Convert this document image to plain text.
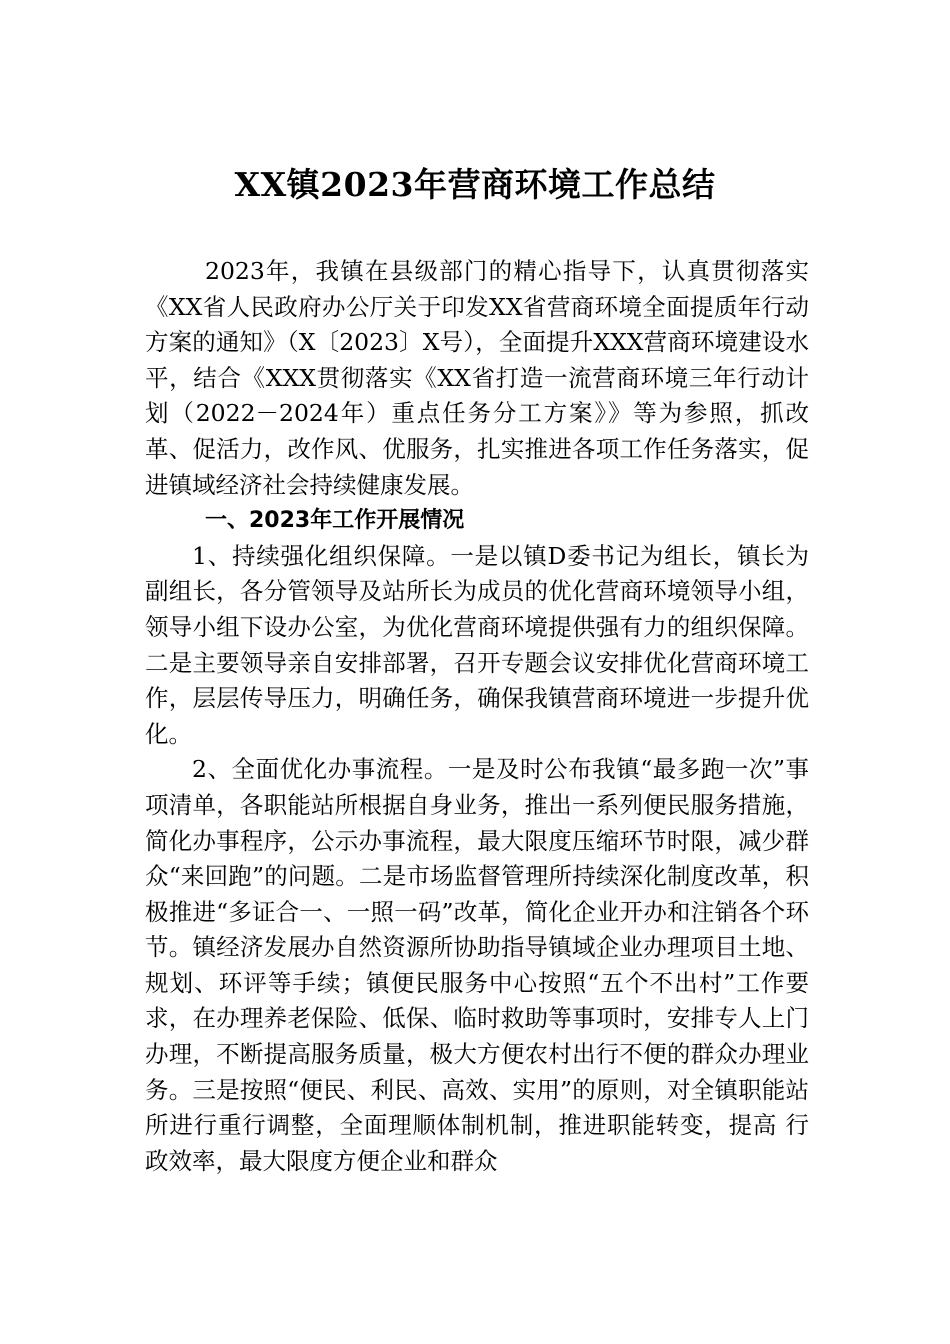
XX镇2023年营商环境工作总结

2023年，我镇在县级部门的精心指导下，认真贯彻落实《XX省人民政府办公厅关于印发XX省营商环境全面提质年行动方案的通知》（X〔2023〕X号），全面提升XXX营商环境建设水平，结合《XXX贯彻落实《XX省打造一流营商环境三年行动计划（2022－2024年）重点任务分工方案》》等为参照，抓改革、促活力，改作风、优服务，扎实推进各项工作任务落实，促进镇域经济社会持续健康发展。

一、2023年工作开展情况

1、持续强化组织保障。一是以镇D委书记为组长，镇长为副组长，各分管领导及站所长为成员的优化营商环境领导小组，领导小组下设办公室，为优化营商环境提供强有力的组织保障。二是主要领导亲自安排部署，召开专题会议安排优化营商环境工作，层层传导压力，明确任务，确保我镇营商环境进一步提升优化。

2、全面优化办事流程。一是及时公布我镇“最多跑一次”事项清单，各职能站所根据自身业务，推出一系列便民服务措施，简化办事程序，公示办事流程，最大限度压缩环节时限，减少群众“来回跑”的问题。二是市场监督管理所持续深化制度改革，积极推进“多证合一、一照一码”改革，简化企业开办和注销各个环节。镇经济发展办自然资源所协助指导镇域企业办理项目土地、规划、环评等手续；镇便民服务中心按照“五个不出村”工作要求，在办理养老保险、低保、临时救助等事项时，安排专人上门办理，不断提高服务质量，极大方便农村出行不便的群众办理业务。三是按照“便民、利民、高效、实用”的原则，对全镇职能站所进行重行调整，全面理顺体制机制，推进职能转变，提高 行政效率，最大限度方便企业和群众
